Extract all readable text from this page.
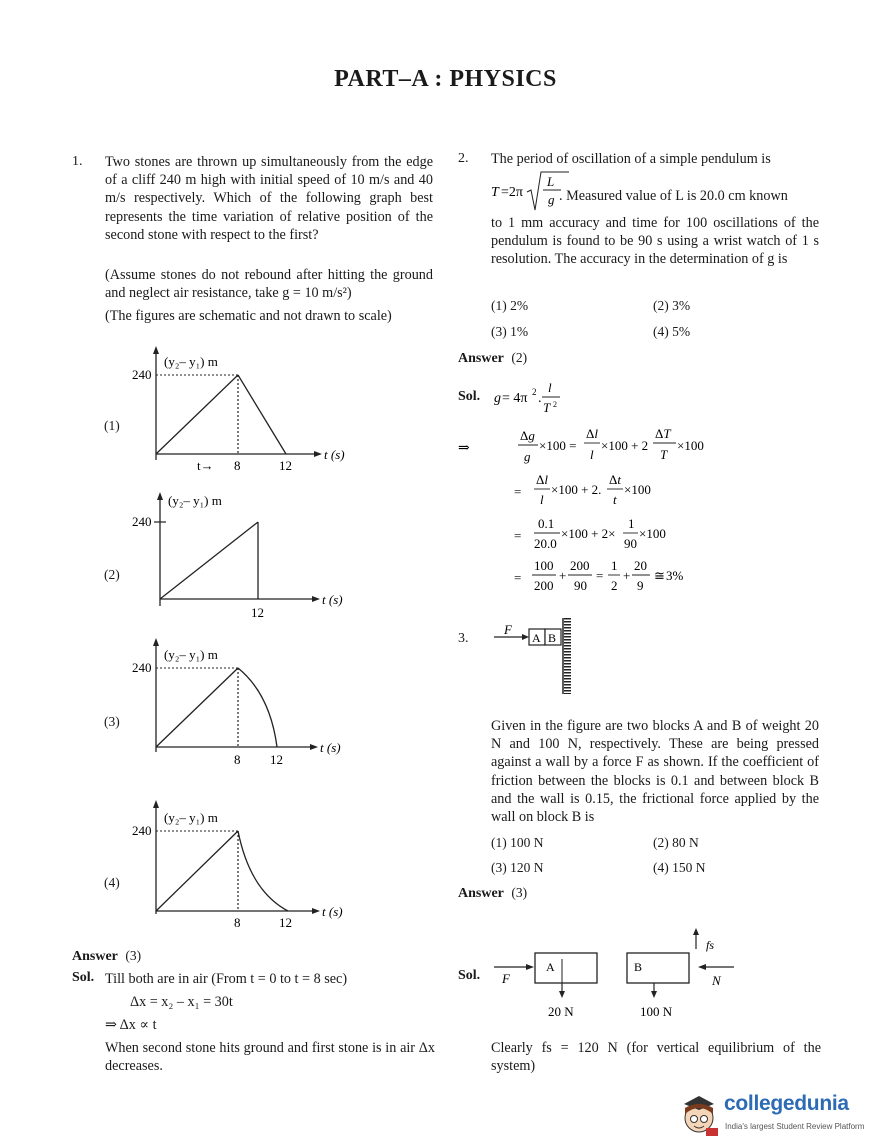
PART–A : PHYSICS
1. Two stones are thrown up simultaneously from the edge of a cliff 240 m high with initial speed of 10 m/s and 40 m/s respectively. Which of the following graph best represents the time variation of relative position of the second stone with respect to the first?
(Assume stones do not rebound after hitting the ground and neglect air resistance, take g = 10 m/s²)
(The figures are schematic and not drawn to scale)
(1)
(y₂– y₁) m
240
t→ 8	12
t (s)
(2)
(y₂– y₁) m
240
12
t (s)
(3)
(y₂– y₁) m
240
8 12
t (s)
(4)
(y₂– y₁) m
240
8	12
t (s)
Answer (3)
Sol. Till both are in air (From t = 0 to t = 8 sec)
Δx = x₂ – x₁ = 30t
⇒ Δx ∝ t
When second stone hits ground and first stone is in air Δx decreases.
2. The period of oscillation of a simple pendulum is
T =2π
L
g . Measured value of L is 20.0 cm known
to 1 mm accuracy and time for 100 oscillations of the pendulum is found to be 90 s using a wrist watch of 1 s resolution. The accuracy in the determination of g is
(1) 2%	(2) 3%
(3) 1%	(4) 5%
Answer (2)
Sol. g = 4π 2 .
l
T 2
⇒
Δg
g
×100 =
Δl
l
×100 + 2
ΔT
T
×100
=
Δl
l
×100 + 2.
Δt
t
×100
=
0.1
20.0
×100 + 2×
1
90
×100
=
100
200
+
200
90
=
1
2
+
20
9
≅ 3%
3.
F
A B
Given in the figure are two blocks A and B of weight 20 N and 100 N, respectively. These are being pressed against a wall by a force F as shown. If the coefficient of friction between the blocks is 0.1 and between block B and the wall is 0.15, the frictional force applied by the wall on block B is
(1) 100 N	(2) 80 N
(3) 120 N	(4) 150 N
Answer (3)
Sol. F
A
20 N
B
100 N
fs
N
Clearly fs = 120 N (for vertical equilibrium of the system)
collegedunia
India's largest Student Review Platform
